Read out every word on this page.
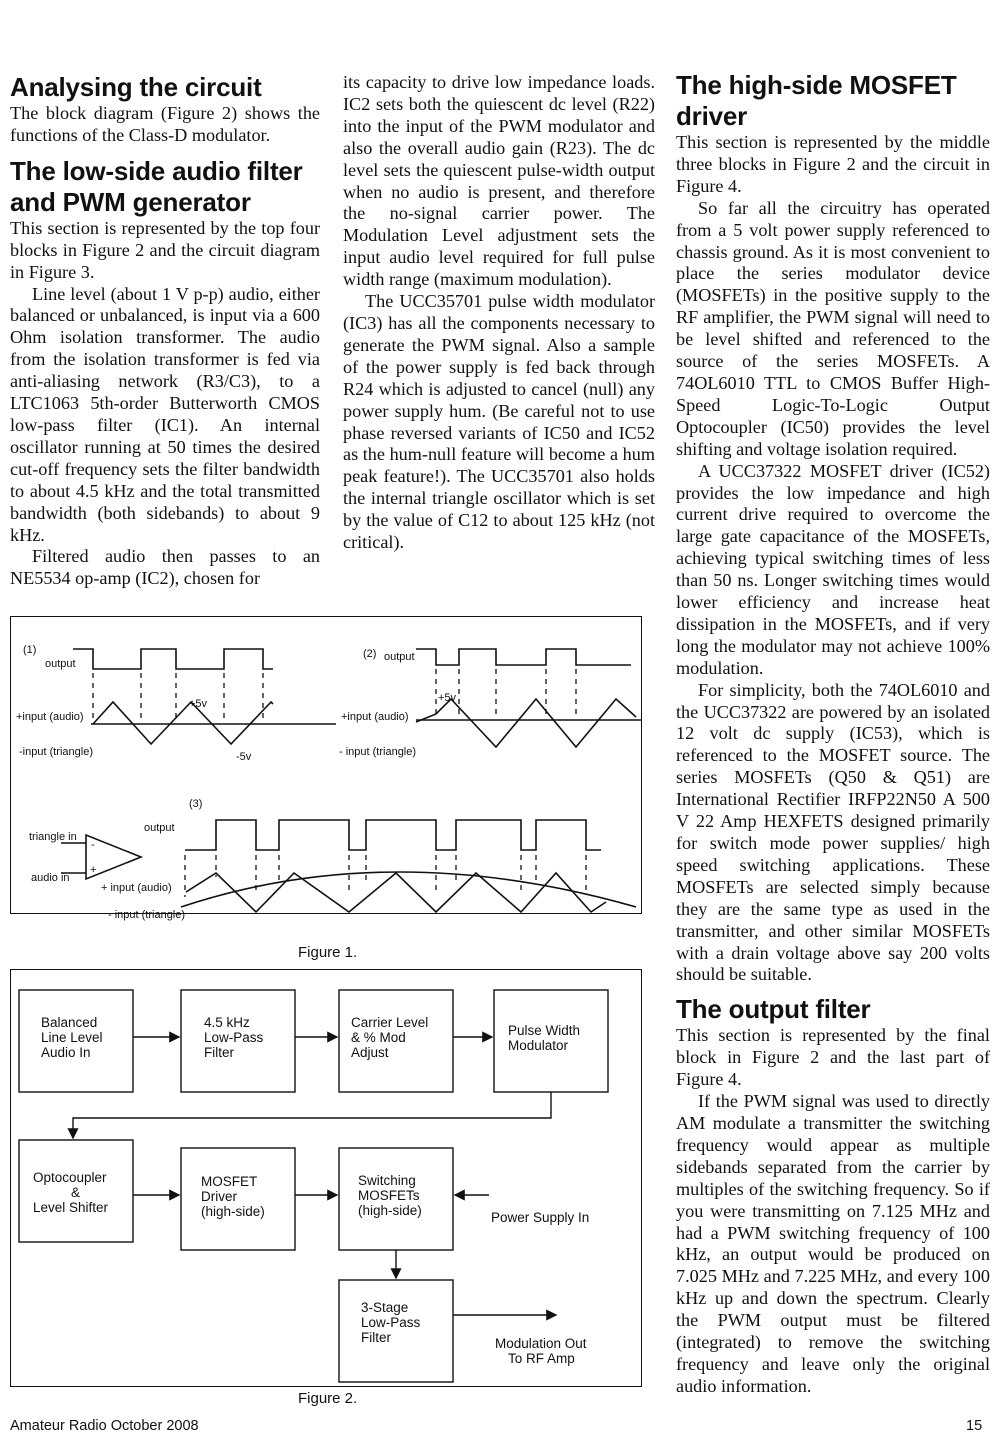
Analysing the circuit

The block diagram (Figure 2) shows the functions of the Class-D modulator.

The low-side audio filter and PWM generator

This section is represented by the top four blocks in Figure 2 and the circuit diagram in Figure 3.

Line level (about 1 V p-p) audio, either balanced or unbalanced, is input via a 600 Ohm isolation transformer. The audio from the isolation transformer is fed via anti-aliasing network (R3/C3), to a LTC1063 5th-order Butterworth CMOS low-pass filter (IC1). An internal oscillator running at 50 times the desired cut-off frequency sets the filter bandwidth to about 4.5 kHz and the total transmitted bandwidth (both sidebands) to about 9 kHz.

Filtered audio then passes to an NE5534 op-amp (IC2), chosen for

its capacity to drive low impedance loads. IC2 sets both the quiescent dc level (R22) into the input of the PWM modulator and also the overall audio gain (R23). The dc level sets the quiescent pulse-width output when no audio is present, and therefore the no-signal carrier power. The Modulation Level adjustment sets the input audio level required for full pulse width range (maximum modulation).

The UCC35701 pulse width modulator (IC3) has all the components necessary to generate the PWM signal. Also a sample of the power supply is fed back through R24 which is adjusted to cancel (null) any power supply hum. (Be careful not to use phase reversed variants of IC50 and IC52 as the hum-null feature will become a hum peak feature!). The UCC35701 also holds the internal triangle oscillator which is set by the value of C12 to about 125 kHz (not critical).

The high-side MOSFET driver

This section is represented by the middle three blocks in Figure 2 and the circuit in Figure 4.

So far all the circuitry has operated from a 5 volt power supply referenced to chassis ground. As it is most convenient to place the series modulator device (MOSFETs) in the positive supply to the RF amplifier, the PWM signal will need to be level shifted and referenced to the source of the series MOSFETs. A 74OL6010 TTL to CMOS Buffer High-Speed Logic-To-Logic Output Optocoupler (IC50) provides the level shifting and voltage isolation required.

A UCC37322 MOSFET driver (IC52) provides the low impedance and high current drive required to overcome the large gate capacitance of the MOSFETs, achieving typical switching times of less than 50 ns. Longer switching times would lower efficiency and increase heat dissipation in the MOSFETs, and if very long the modulator may not achieve 100% modulation.

For simplicity, both the 74OL6010 and the UCC37322 are powered by an isolated 12 volt dc supply (IC53), which is referenced to the MOSFET source. The series MOSFETs (Q50 & Q51) are International Rectifier IRFP22N50 A 500 V 22 Amp HEXFETS designed primarily for switch mode power supplies/ high speed switching applications. These MOSFETs are selected simply because they are the same type as used in the transmitter, and other similar MOSFETs with a drain voltage above say 200 volts should be suitable.

The output filter

This section is represented by the final block in Figure 2 and the last part of Figure 4.

If the PWM signal was used to directly AM modulate a transmitter the switching frequency would appear as multiple sidebands separated from the carrier by multiples of the switching frequency. So if you were transmitting on 7.125 MHz and had a PWM switching frequency of 100 kHz, an output would be produced on 7.025 MHz and 7.225 MHz, and every 100 kHz up and down the spectrum. Clearly the PWM output must be filtered (integrated) to remove the switching frequency and leave only the original audio information.

(1)
output
+5v
+input (audio)
-input (triangle)	-5v
(2) output
+5v
+input (audio)
- input (triangle)
(3)
output
triangle in
audio in
-
+
+ input (audio)
- input (triangle)
Figure 1.
Balanced
Line Level
Audio In
4.5 kHz
Low-Pass
Filter
Carrier Level
& % Mod
Adjust
Pulse Width
Modulator
Optocoupler
&
Level Shifter
MOSFET
Driver
(high-side)
Switching
MOSFETs
(high-side)
3-Stage
Low-Pass
Filter
Power Supply In
Modulation Out
To RF Amp
Figure 2.
Amateur Radio October 2008	15
